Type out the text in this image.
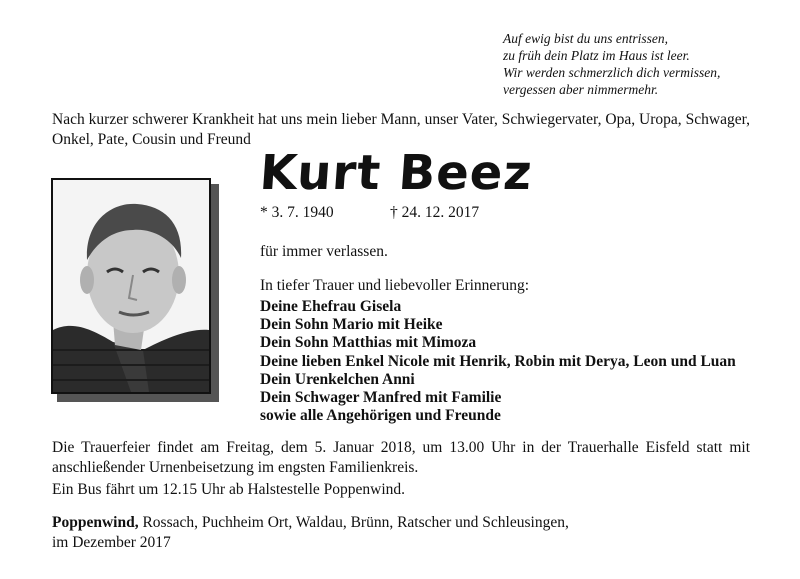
Auf ewig bist du uns entrissen,
zu früh dein Platz im Haus ist leer.
Wir werden schmerzlich dich vermissen,
vergessen aber nimmermehr.
Nach kurzer schwerer Krankheit hat uns mein lieber Mann, unser Vater, Schwiegervater, Opa, Uropa, Schwager, Onkel, Pate, Cousin und Freund
Kurt Beez
* 3. 7. 1940	† 24. 12. 2017
für immer verlassen.
In tiefer Trauer und liebevoller Erinnerung:
Deine Ehefrau Gisela
Dein Sohn Mario mit Heike
Dein Sohn Matthias mit Mimoza
Deine lieben Enkel Nicole mit Henrik, Robin mit Derya, Leon und Luan
Dein Urenkelchen Anni
Dein Schwager Manfred mit Familie
sowie alle Angehörigen und Freunde
Die Trauerfeier findet am Freitag, dem 5. Januar 2018, um 13.00 Uhr in der Trauerhalle Eisfeld statt mit anschließender Urnenbeisetzung im engsten Familienkreis.
Ein Bus fährt um 12.15 Uhr ab Halstestelle Poppenwind.
Poppenwind, Rossach, Puchheim Ort, Waldau, Brünn, Ratscher und Schleusingen,
im Dezember 2017
